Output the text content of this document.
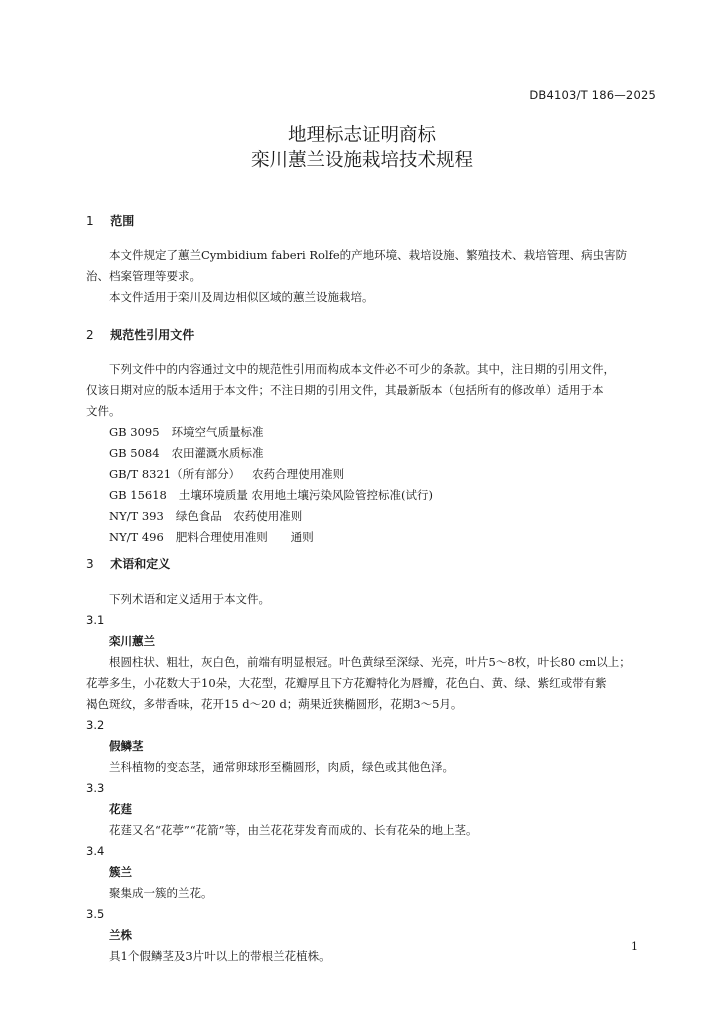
DB4103/T 186—2025
地理标志证明商标
栾川蕙兰设施栽培技术规程
1 范围
本文件规定了蕙兰Cymbidium faberi Rolfe的产地环境、栽培设施、繁殖技术、栽培管理、病虫害防
治、档案管理等要求。
本文件适用于栾川及周边相似区域的蕙兰设施栽培。
2 规范性引用文件
下列文件中的内容通过文中的规范性引用而构成本文件必不可少的条款。其中，注日期的引用文件，
仅该日期对应的版本适用于本文件；不注日期的引用文件，其最新版本（包括所有的修改单）适用于本
文件。
GB 3095 环境空气质量标准
GB 5084 农田灌溉水质标准
GB/T 8321（所有部分） 农药合理使用准则
GB 15618 土壤环境质量 农用地土壤污染风险管控标准(试行)
NY/T 393 绿色食品　农药使用准则
NY/T 496 肥料合理使用准则　　通则
3 术语和定义
下列术语和定义适用于本文件。
3.1
栾川蕙兰
根圆柱状、粗壮，灰白色，前端有明显根冠。叶色黄绿至深绿、光亮，叶片5～8枚，叶长80 cm以上；
花葶多生，小花数大于10朵，大花型，花瓣厚且下方花瓣特化为唇瓣，花色白、黄、绿、紫红或带有紫
褐色斑纹，多带香味，花开15 d～20 d；蒴果近狭椭圆形，花期3～5月。
3.2
假鳞茎
兰科植物的变态茎，通常卵球形至椭圆形，肉质，绿色或其他色泽。
3.3
花莛
花莛又名“花葶”“花箭”等，由兰花花芽发育而成的、长有花朵的地上茎。
3.4
簇兰
聚集成一簇的兰花。
3.5
兰株
具1个假鳞茎及3片叶以上的带根兰花植株。
1
